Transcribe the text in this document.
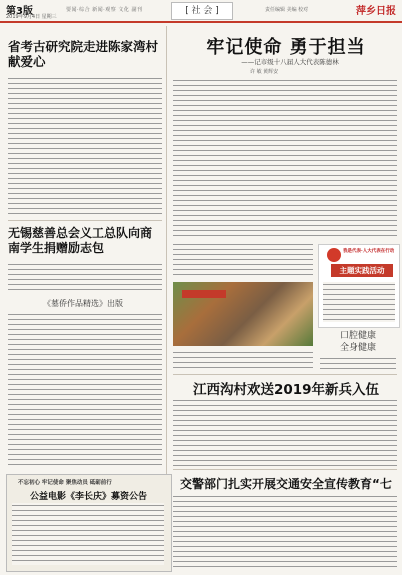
第3版
2019年9月4日 星期三
要闻·综合 新闻·观察 文化 副刊	[ 社 会 ]	责任编辑 美编 校对	萍乡日报
省考古研究院走进陈家湾村献爱心
无锡慈善总会义工总队向商南学生捐赠励志包
《墓侨作品精选》出版
不忘初心 牢记使命 聚焦动员 砥砺前行
公益电影《李长庆》募资公告
牢记使命 勇于担当
——记市级十八届人大代表陈德林
许 敏 黄辉安
我是代表·人大代表在行动
主题实践活动
口腔健康
全身健康
江西沟村欢送2019年新兵入伍
交警部门扎实开展交通安全宣传教育“七
